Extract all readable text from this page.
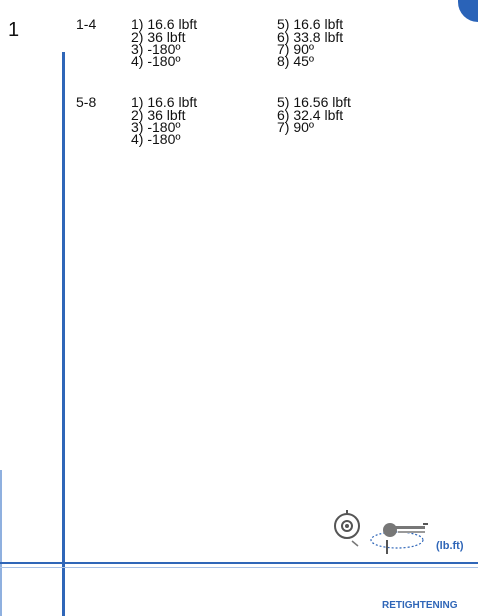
1	1-4 1) 16.6 lbft
2) 36 lbft
3) -180º
4) -180º
5) 16.6 lbft
6) 33.8 lbft
7) 90º
8) 45º
5-8 1) 16.6 lbft
2) 36 lbft
3) -180º
4) -180º
5) 16.56 lbft
6) 32.4 lbft
7) 90º
(lb.ft)
RETIGHTENING
